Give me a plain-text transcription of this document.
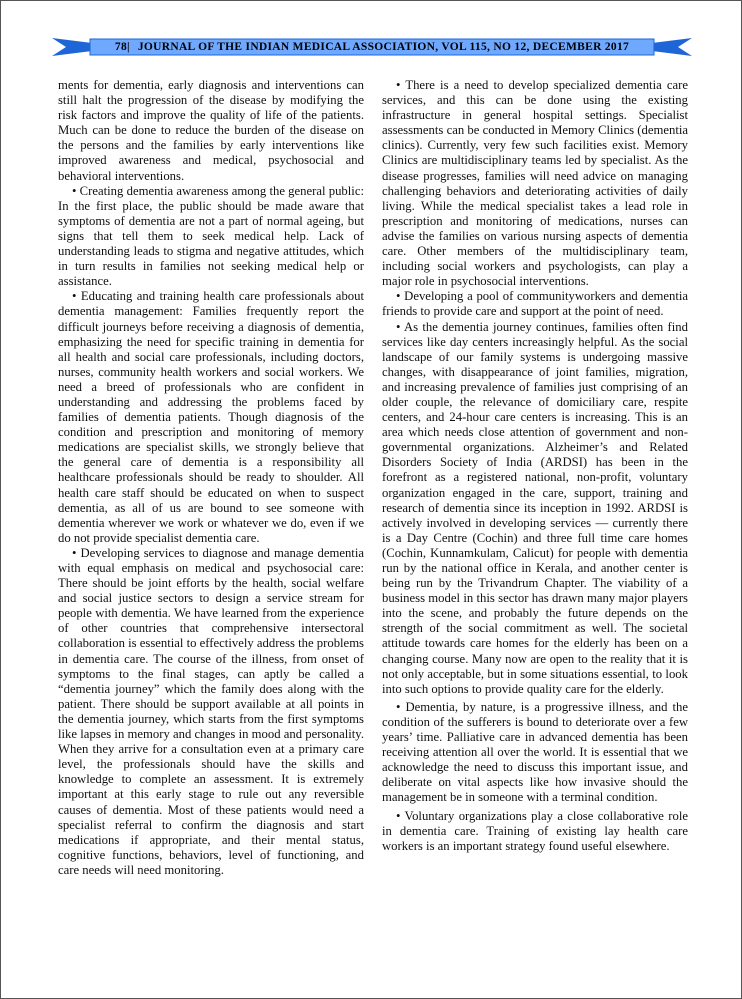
78| JOURNAL OF THE INDIAN MEDICAL ASSOCIATION, VOL 115, NO 12, DECEMBER 2017

ments for dementia, early diagnosis and interventions can still halt the progression of the disease by modifying the risk factors and improve the quality of life of the patients. Much can be done to reduce the burden of the disease on the persons and the families by early interventions like improved awareness and medical, psychosocial and behavioral interventions.

• Creating dementia awareness among the general public: In the first place, the public should be made aware that symptoms of dementia are not a part of normal ageing, but signs that tell them to seek medical help. Lack of understanding leads to stigma and negative attitudes, which in turn results in families not seeking medical help or assistance.

• Educating and training health care professionals about dementia management: Families frequently report the difficult journeys before receiving a diagnosis of dementia, emphasizing the need for specific training in dementia for all health and social care professionals, including doctors, nurses, community health workers and social workers. We need a breed of professionals who are confident in understanding and addressing the problems faced by families of dementia patients. Though diagnosis of the condition and prescription and monitoring of memory medications are specialist skills, we strongly believe that the general care of dementia is a responsibility all healthcare professionals should be ready to shoulder. All health care staff should be educated on when to suspect dementia, as all of us are bound to see someone with dementia wherever we work or whatever we do, even if we do not provide specialist dementia care.

• Developing services to diagnose and manage dementia with equal emphasis on medical and psychosocial care: There should be joint efforts by the health, social welfare and social justice sectors to design a service stream for people with dementia. We have learned from the experience of other countries that comprehensive intersectoral collaboration is essential to effectively address the problems in dementia care. The course of the illness, from onset of symptoms to the final stages, can aptly be called a “dementia journey” which the family does along with the patient. There should be support available at all points in the dementia journey, which starts from the first symptoms like lapses in memory and changes in mood and personality. When they arrive for a consultation even at a primary care level, the professionals should have the skills and knowledge to complete an assessment. It is extremely important at this early stage to rule out any reversible causes of dementia. Most of these patients would need a specialist referral to confirm the diagnosis and start medications if appropriate, and their mental status, cognitive functions, behaviors, level of functioning, and care needs will need monitoring.

• There is a need to develop specialized dementia care services, and this can be done using the existing infrastructure in general hospital settings. Specialist assessments can be conducted in Memory Clinics (dementia clinics). Currently, very few such facilities exist. Memory Clinics are multidisciplinary teams led by specialist. As the disease progresses, families will need advice on managing challenging behaviors and deteriorating activities of daily living. While the medical specialist takes a lead role in prescription and monitoring of medications, nurses can advise the families on various nursing aspects of dementia care. Other members of the multidisciplinary team, including social workers and psychologists, can play a major role in psychosocial interventions.

• Developing a pool of communityworkers and dementia friends to provide care and support at the point of need.

• As the dementia journey continues, families often find services like day centers increasingly helpful. As the social landscape of our family systems is undergoing massive changes, with disappearance of joint families, migration, and increasing prevalence of families just comprising of an older couple, the relevance of domiciliary care, respite centers, and 24-hour care centers is increasing. This is an area which needs close attention of government and non-governmental organizations. Alzheimer’s and Related Disorders Society of India (ARDSI) has been in the forefront as a registered national, non-profit, voluntary organization engaged in the care, support, training and research of dementia since its inception in 1992. ARDSI is actively involved in developing services — currently there is a Day Centre (Cochin) and three full time care homes (Cochin, Kunnamkulam, Calicut) for people with dementia run by the national office in Kerala, and another center is being run by the Trivandrum Chapter. The viability of a business model in this sector has drawn many major players into the scene, and probably the future depends on the strength of the social commitment as well. The societal attitude towards care homes for the elderly has been on a changing course. Many now are open to the reality that it is not only acceptable, but in some situations essential, to look into such options to provide quality care for the elderly.

• Dementia, by nature, is a progressive illness, and the condition of the sufferers is bound to deteriorate over a few years’ time. Palliative care in advanced dementia has been receiving attention all over the world. It is essential that we acknowledge the need to discuss this important issue, and deliberate on vital aspects like how invasive should the management be in someone with a terminal condition.

• Voluntary organizations play a close collaborative role in dementia care. Training of existing lay health care workers is an important strategy found useful elsewhere.
